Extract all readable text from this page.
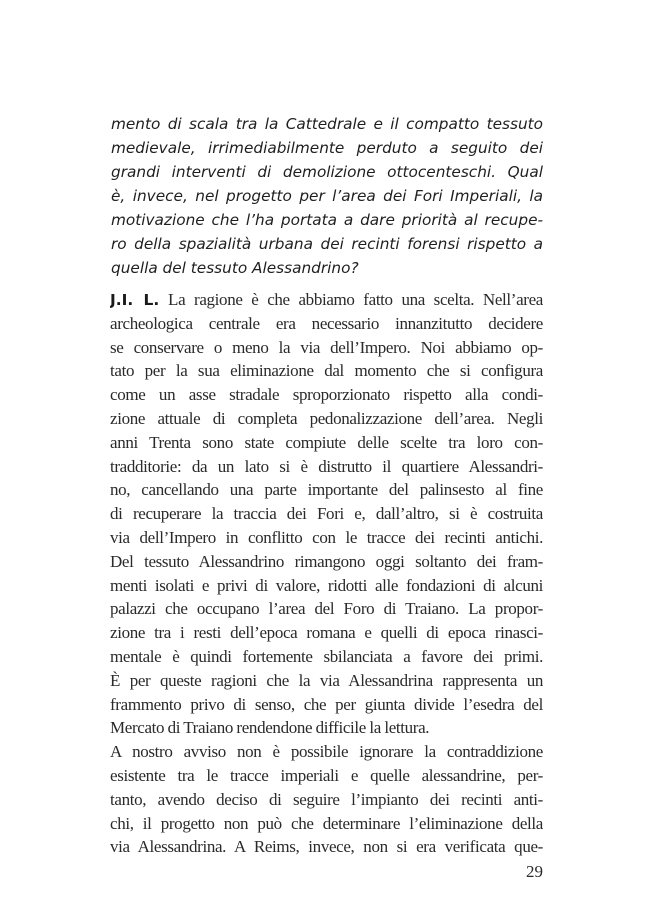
mento di scala tra la Cattedrale e il compatto tessuto
medievale, irrimediabilmente perduto a seguito dei
grandi interventi di demolizione ottocenteschi. Qual
è, invece, nel progetto per l’area dei Fori Imperiali, la
motivazione che l’ha portata a dare priorità al recupe-
ro della spazialità urbana dei recinti forensi rispetto a
quella del tessuto Alessandrino?
J.I. L. La ragione è che abbiamo fatto una scelta. Nell’area
archeologica centrale era necessario innanzitutto decidere
se conservare o meno la via dell’Impero. Noi abbiamo op-
tato per la sua eliminazione dal momento che si configura
come un asse stradale sproporzionato rispetto alla condi-
zione attuale di completa pedonalizzazione dell’area. Negli
anni Trenta sono state compiute delle scelte tra loro con-
tradditorie: da un lato si è distrutto il quartiere Alessandri-
no, cancellando una parte importante del palinsesto al fine
di recuperare la traccia dei Fori e, dall’altro, si è costruita
via dell’Impero in conflitto con le tracce dei recinti antichi.
Del tessuto Alessandrino rimangono oggi soltanto dei fram-
menti isolati e privi di valore, ridotti alle fondazioni di alcuni
palazzi che occupano l’area del Foro di Traiano. La propor-
zione tra i resti dell’epoca romana e quelli di epoca rinasci-
mentale è quindi fortemente sbilanciata a favore dei primi.
È per queste ragioni che la via Alessandrina rappresenta un
frammento privo di senso, che per giunta divide l’esedra del
Mercato di Traiano rendendone difficile la lettura.
A nostro avviso non è possibile ignorare la contraddizione
esistente tra le tracce imperiali e quelle alessandrine, per-
tanto, avendo deciso di seguire l’impianto dei recinti anti-
chi, il progetto non può che determinare l’eliminazione della
via Alessandrina. A Reims, invece, non si era verificata que-
29
